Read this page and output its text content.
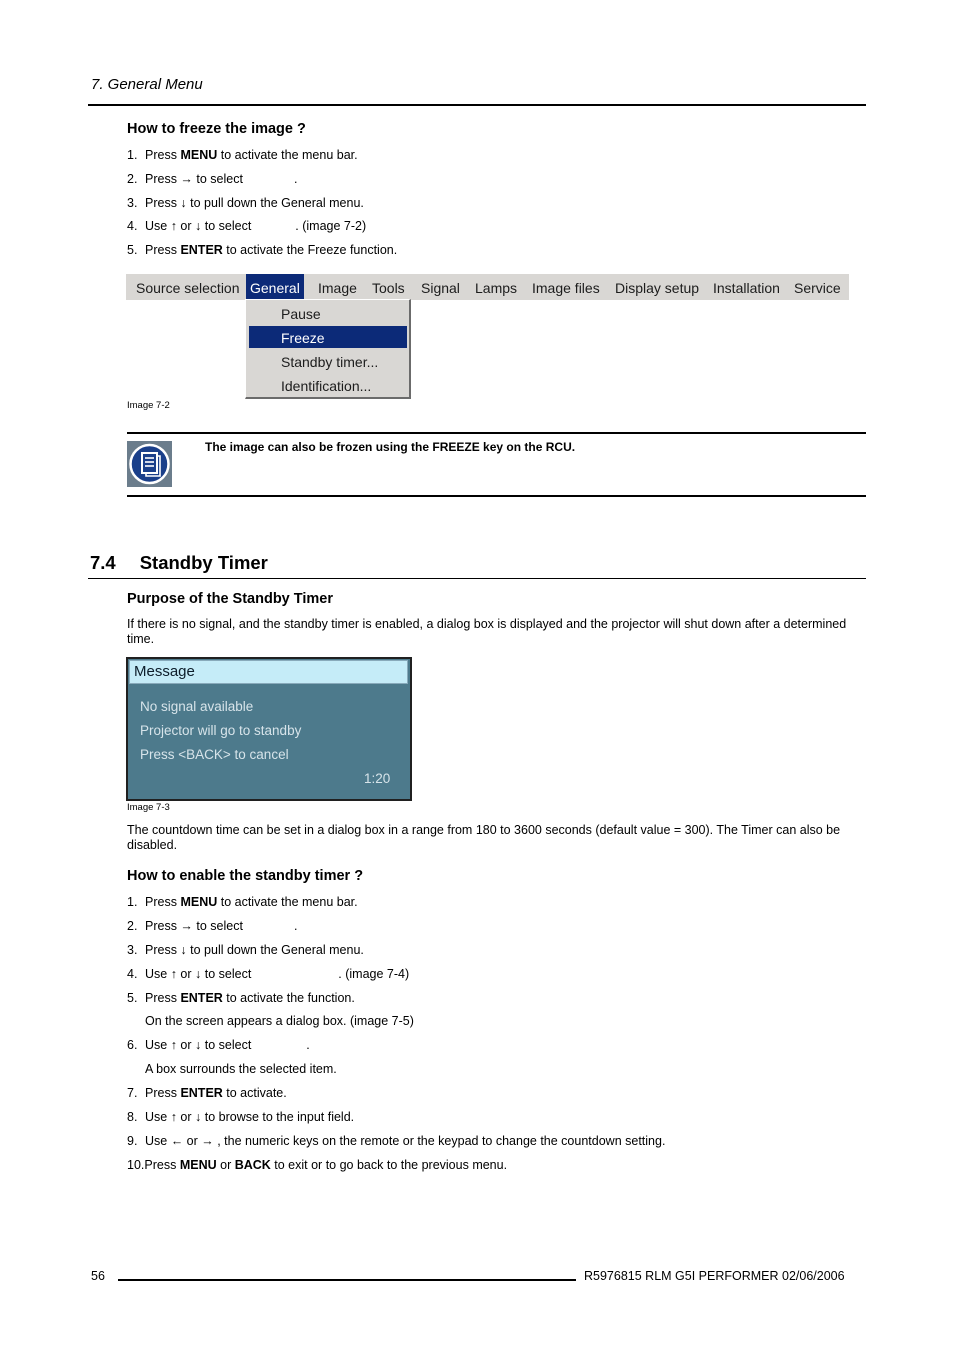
7. General Menu
How to freeze the image ?
1. Press MENU to activate the menu bar.
2. Press → to select	.
3. Press ↓ to pull down the General menu.
4. Use ↑ or ↓ to select	. (image 7-2)
5. Press ENTER to activate the Freeze function.
Source selection General Image Tools Signal Lamps Image files Display setup Installation Service
Pause
Freeze
Standby timer...
Identification...
Image 7-2
The image can also be frozen using the FREEZE key on the RCU.
7.4 Standby Timer
Purpose of the Standby Timer
If there is no signal, and the standby timer is enabled, a dialog box is displayed and the projector will shut down after a determined time.
Message
No signal available
Projector will go to standby
Press <BACK> to cancel
1:20
Image 7-3
The countdown time can be set in a dialog box in a range from 180 to 3600 seconds (default value = 300). The Timer can also be disabled.
How to enable the standby timer ?
1. Press MENU to activate the menu bar.
2. Press → to select	.
3. Press ↓ to pull down the General menu.
4. Use ↑ or ↓ to select	. (image 7-4)
5. Press ENTER to activate the function.
On the screen appears a dialog box. (image 7-5)
6. Use ↑ or ↓ to select	.
A box surrounds the selected item.
7. Press ENTER to activate.
8. Use ↑ or ↓ to browse to the input field.
9. Use ← or → , the numeric keys on the remote or the keypad to change the countdown setting.
10.Press MENU or BACK to exit or to go back to the previous menu.
56	R5976815 RLM G5I PERFORMER 02/06/2006
